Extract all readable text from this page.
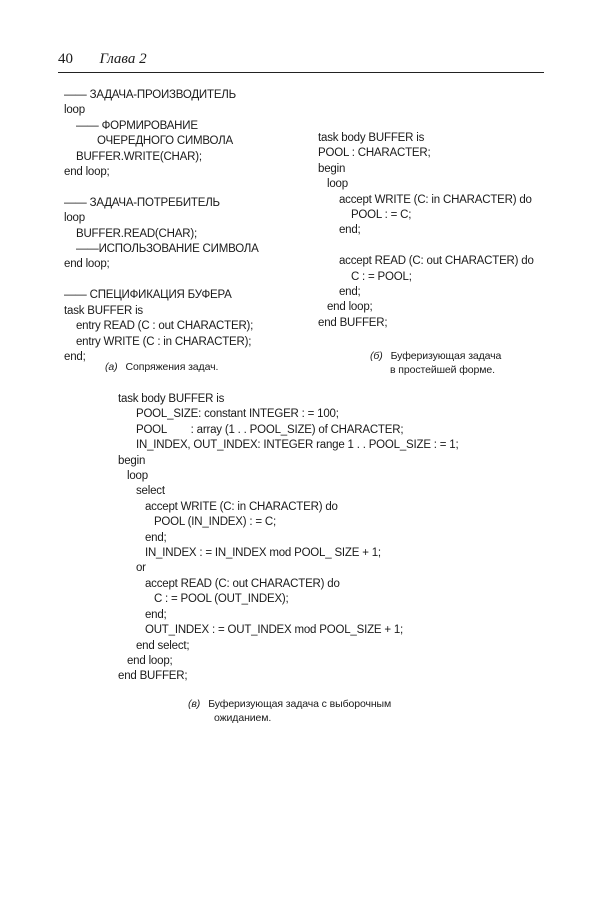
40 Глава 2
—— ЗАДАЧА-ПРОИЗВОДИТЕЛЬ
loop
—— ФОРМИРОВАНИЕ
ОЧЕРЕДНОГО СИМВОЛА
BUFFER.WRITE(CHAR);
end loop;

—— ЗАДАЧА-ПОТРЕБИТЕЛЬ
loop
BUFFER.READ(CHAR);
——ИСПОЛЬЗОВАНИЕ СИМВОЛА
end loop;

—— СПЕЦИФИКАЦИЯ БУФЕРА
task BUFFER is
entry READ (C : out CHARACTER);
entry WRITE (C : in CHARACTER);
end;
(a) Сопряжения задач.
task body BUFFER is
POOL : CHARACTER;
begin
loop
accept WRITE (C: in CHARACTER) do
POOL : = C;
end;

accept READ (C: out CHARACTER) do
C : = POOL;
end;
end loop;
end BUFFER;
(б) Буферизующая задача
в простейшей форме.
task body BUFFER is
POOL_SIZE: constant INTEGER : = 100;
POOL        : array (1 . . POOL_SIZE) of CHARACTER;
IN_INDEX, OUT_INDEX: INTEGER range 1 . . POOL_SIZE : = 1;
begin
loop
select
accept WRITE (C: in CHARACTER) do
POOL (IN_INDEX) : = C;
end;
IN_INDEX : = IN_INDEX mod POOL_ SIZE + 1;
or
accept READ (C: out CHARACTER) do
C : = POOL (OUT_INDEX);
end;
OUT_INDEX : = OUT_INDEX mod POOL_SIZE + 1;
end select;
end loop;
end BUFFER;
(в) Буферизующая задача с выборочным
ожиданием.
